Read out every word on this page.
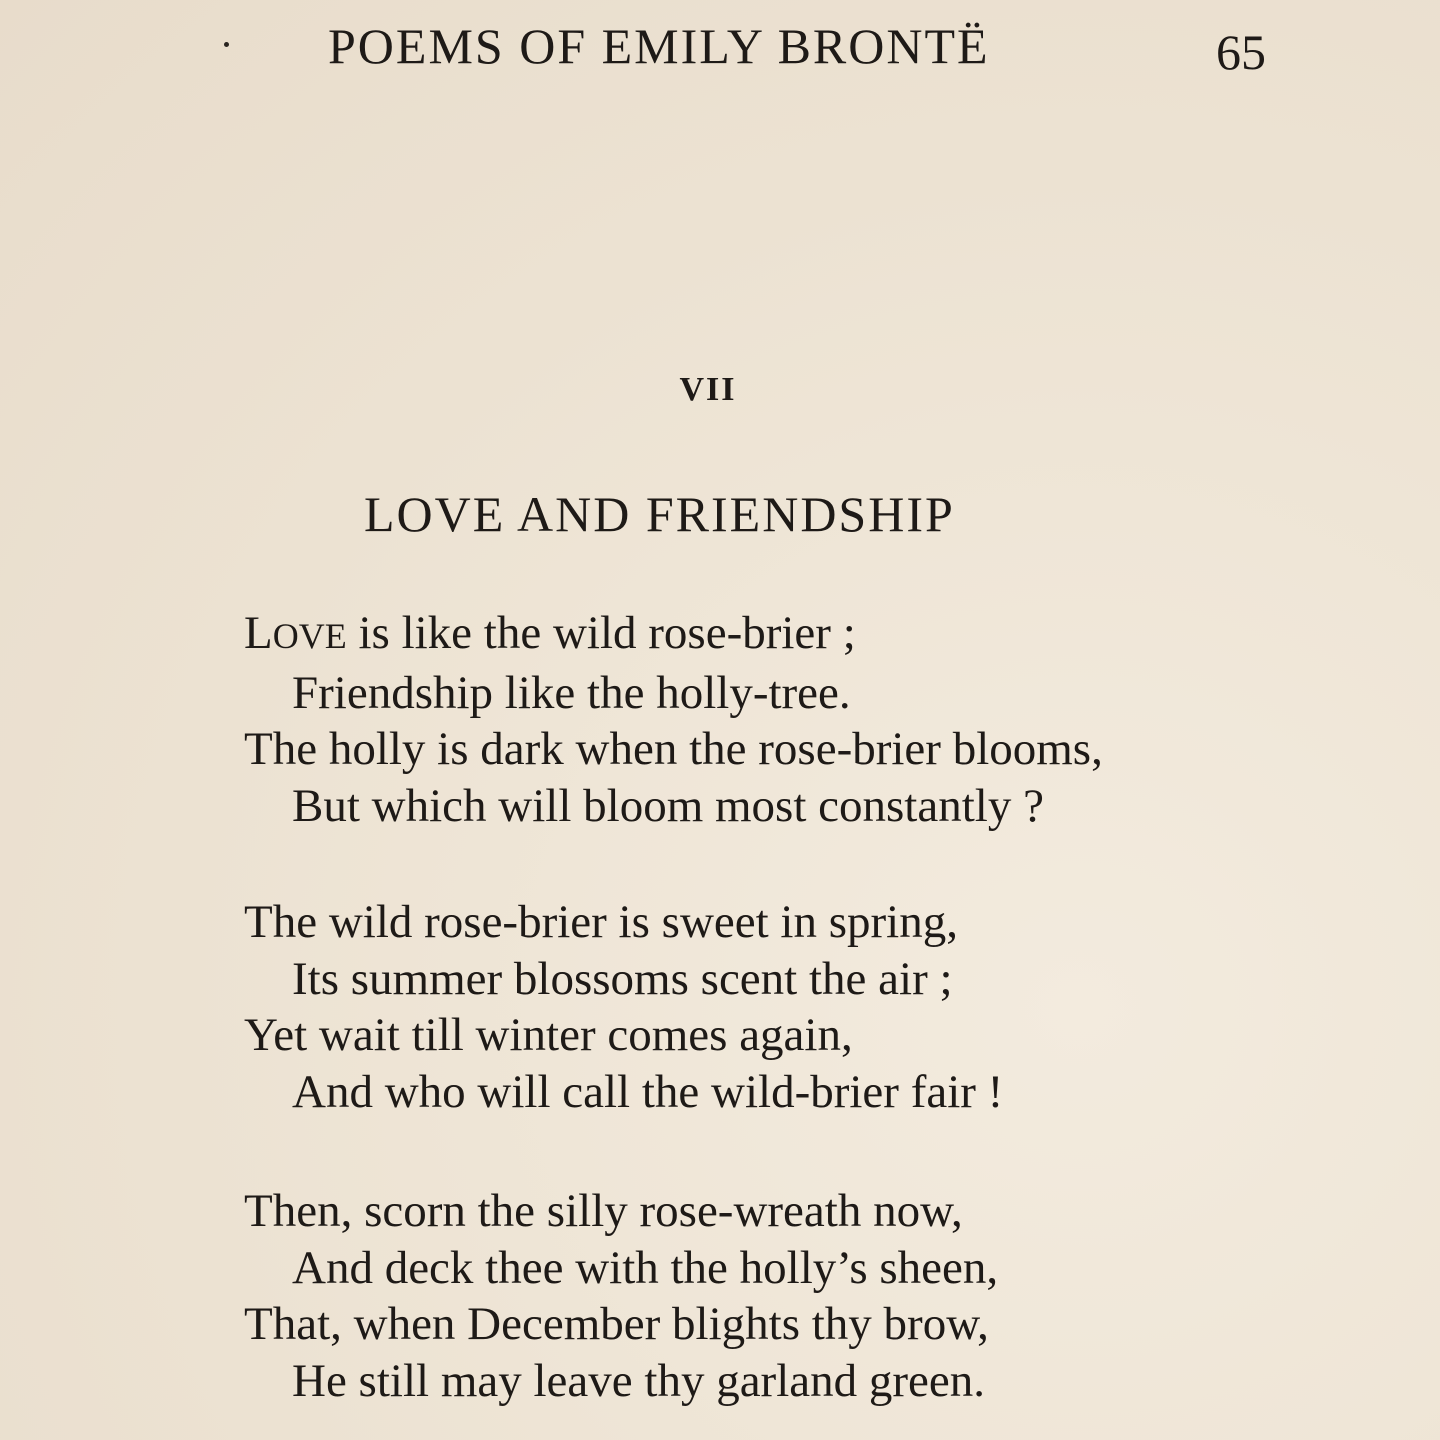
POEMS OF EMILY BRONTË	65
VII
LOVE AND FRIENDSHIP
LOVE is like the wild rose-brier ;
Friendship like the holly-tree.
The holly is dark when the rose-brier blooms,
But which will bloom most constantly ?
The wild rose-brier is sweet in spring,
Its summer blossoms scent the air ;
Yet wait till winter comes again,
And who will call the wild-brier fair !
Then, scorn the silly rose-wreath now,
And deck thee with the holly’s sheen,
That, when December blights thy brow,
He still may leave thy garland green.
